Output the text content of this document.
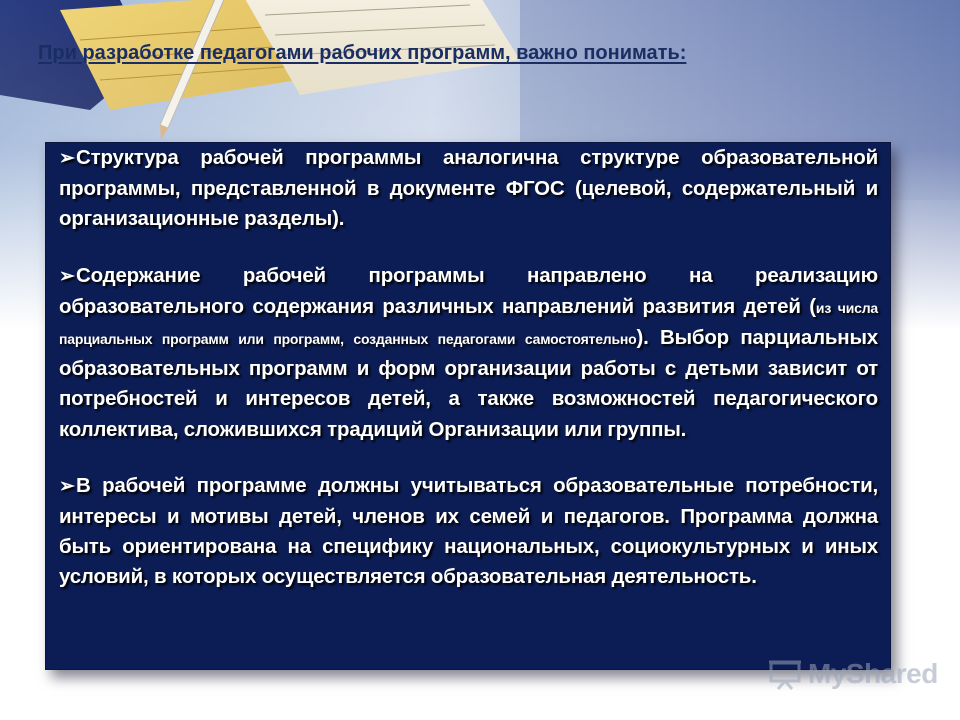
При разработке педагогами рабочих программ, важно понимать:

➢Структура рабочей программы аналогична структуре образовательной программы, представленной в документе ФГОС (целевой, содержательный и организационные разделы).

➢Содержание рабочей программы направлено на реализацию образовательного содержания различных направлений развития детей (из числа парциальных программ или программ, созданных педагогами самостоятельно). Выбор парциальных образовательных программ и форм организации работы с детьми зависит от потребностей и интересов детей, а также возможностей педагогического коллектива, сложившихся традиций Организации или группы.

➢В рабочей программе должны учитываться образовательные потребности, интересы и мотивы детей, членов их семей и педагогов. Программа должна быть ориентирована на специфику национальных, социокультурных и иных условий, в которых осуществляется образовательная деятельность.

MyShared
